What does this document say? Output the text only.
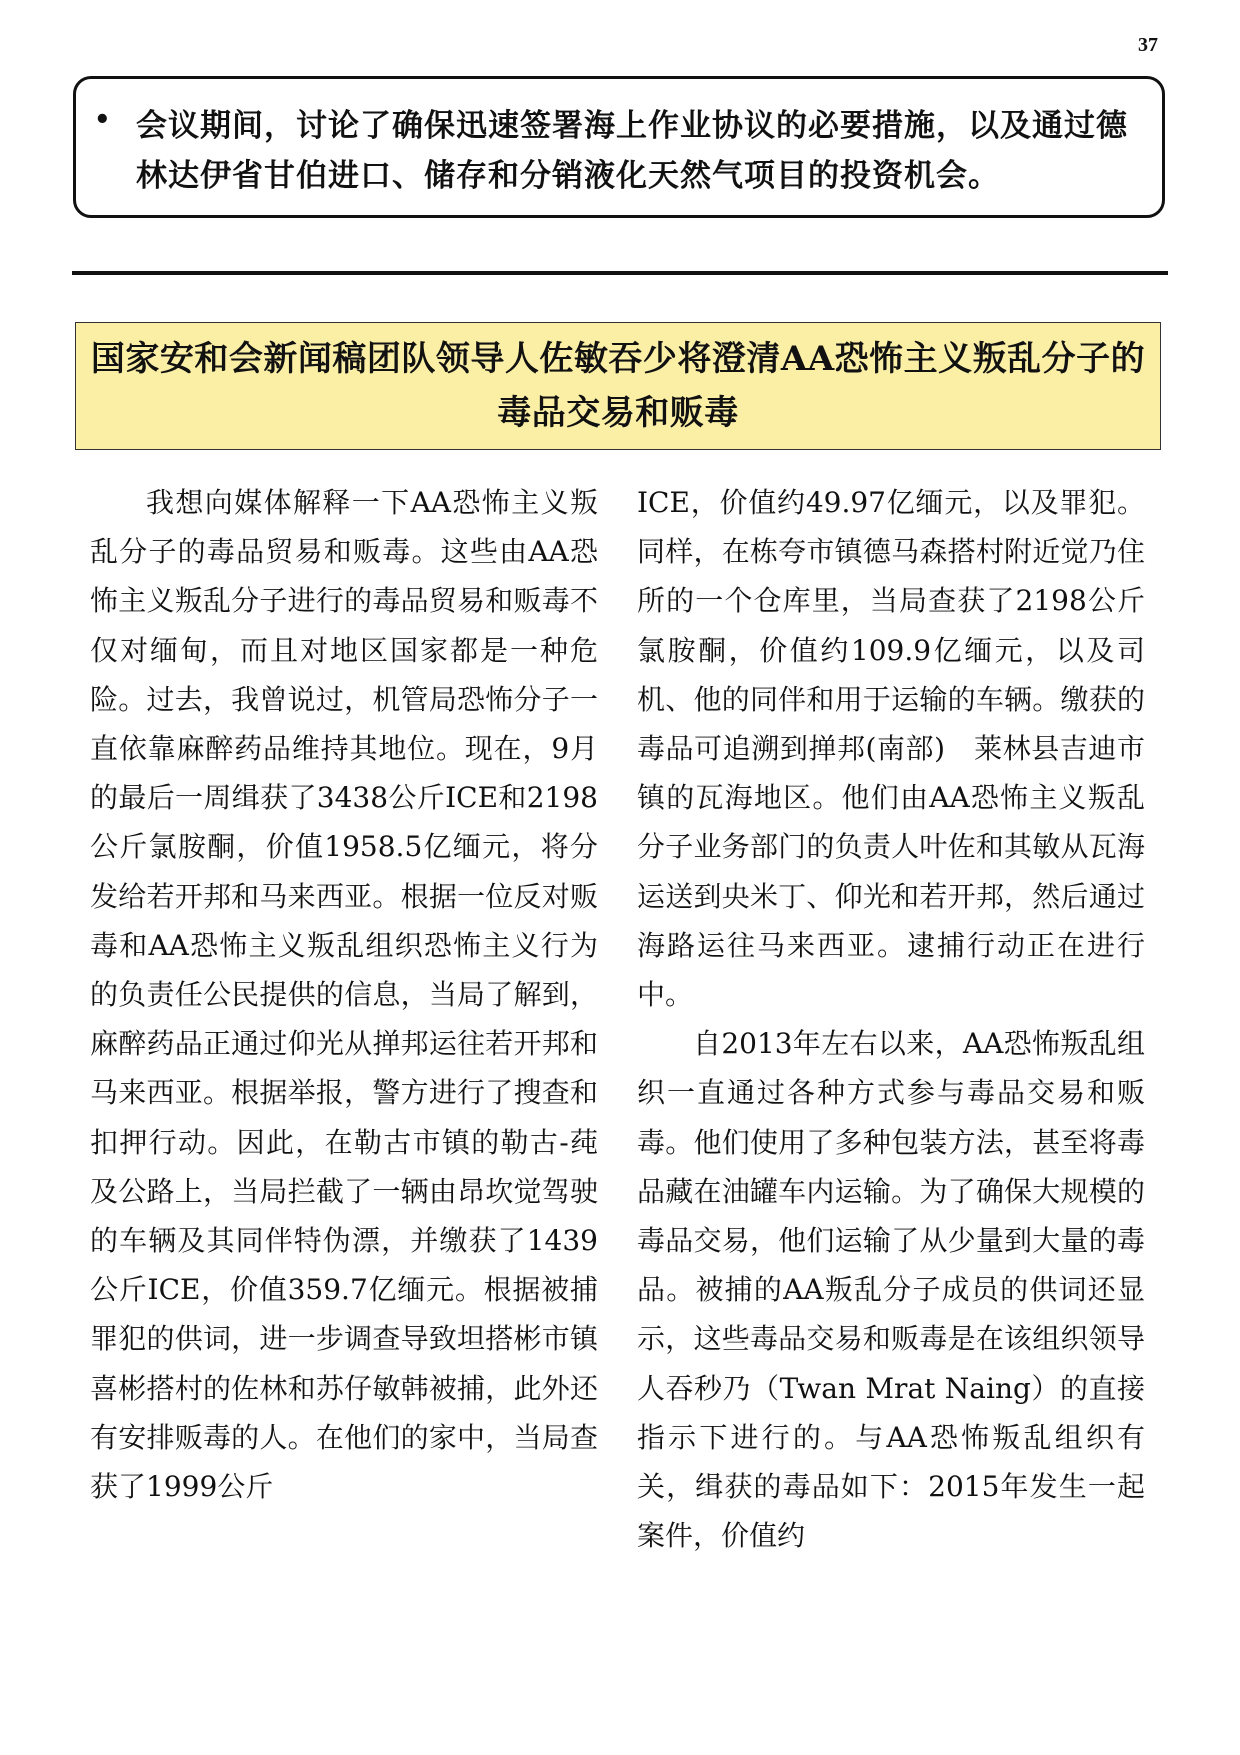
37
• 会议期间，讨论了确保迅速签署海上作业协议的必要措施，以及通过德林达伊省甘伯进口、储存和分销液化天然气项目的投资机会。
国家安和会新闻稿团队领导人佐敏吞少将澄清AA恐怖主义叛乱分子的毒品交易和贩毒

我想向媒体解释一下AA恐怖主义叛乱分子的毒品贸易和贩毒。这些由AA恐怖主义叛乱分子进行的毒品贸易和贩毒不仅对缅甸，而且对地区国家都是一种危险。过去，我曾说过，机管局恐怖分子一直依靠麻醉药品维持其地位。现在，9月的最后一周缉获了3438公斤ICE和2198公斤氯胺酮，价值1958.5亿缅元，将分发给若开邦和马来西亚。根据一位反对贩毒和AA恐怖主义叛乱组织恐怖主义行为的负责任公民提供的信息，当局了解到，麻醉药品正通过仰光从掸邦运往若开邦和马来西亚。根据举报，警方进行了搜查和扣押行动。因此，在勒古市镇的勒古-莼及公路上，当局拦截了一辆由昂坎觉驾驶的车辆及其同伴特伪漂，并缴获了1439公斤ICE，价值359.7亿缅元。根据被捕罪犯的供词，进一步调查导致坦搭彬市镇喜彬搭村的佐林和苏仔敏韩被捕，此外还有安排贩毒的人。在他们的家中，当局查获了1999公斤

ICE，价值约49.97亿缅元，以及罪犯。同样，在栋夸市镇德马森搭村附近觉乃住所的一个仓库里，当局查获了2198公斤氯胺酮，价值约109.9亿缅元，以及司机、他的同伴和用于运输的车辆。缴获的毒品可追溯到掸邦(南部)　莱林县吉迪市镇的瓦海地区。他们由AA恐怖主义叛乱分子业务部门的负责人叶佐和其敏从瓦海运送到央米丁、仰光和若开邦，然后通过海路运往马来西亚。逮捕行动正在进行中。

自2013年左右以来，AA恐怖叛乱组织一直通过各种方式参与毒品交易和贩毒。他们使用了多种包装方法，甚至将毒品藏在油罐车内运输。为了确保大规模的毒品交易，他们运输了从少量到大量的毒品。被捕的AA叛乱分子成员的供词还显示，这些毒品交易和贩毒是在该组织领导人吞秒乃（Twan Mrat Naing）的直接指示下进行的。与AA恐怖叛乱组织有关，缉获的毒品如下：2015年发生一起案件，价值约
